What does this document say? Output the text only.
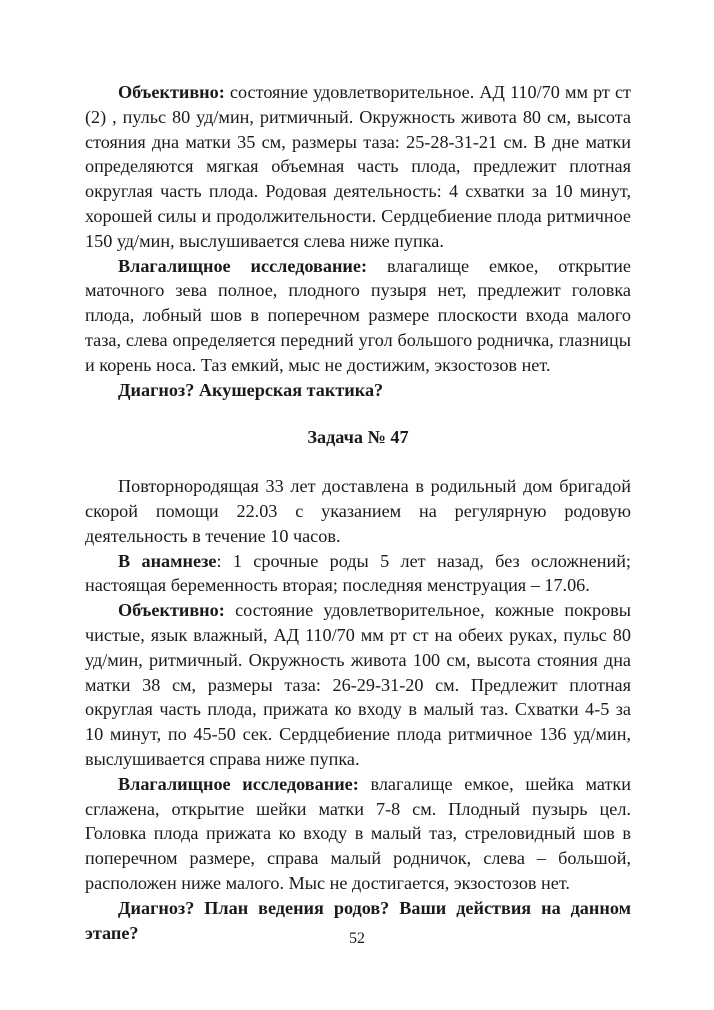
Объективно: состояние удовлетворительное. АД 110/70 мм рт ст (2) , пульс 80 уд/мин, ритмичный. Окружность живота 80 см, высота стояния дна матки 35 см, размеры таза: 25-28-31-21 см. В дне матки определяются мягкая объемная часть плода, предлежит плотная округлая часть плода. Родовая деятельность: 4 схватки за 10 минут, хорошей силы и продолжительности. Сердцебиение плода ритмичное 150 уд/мин, выслушивается слева ниже пупка.

Влагалищное исследование: влагалище емкое, открытие маточного зева полное, плодного пузыря нет, предлежит головка плода, лобный шов в поперечном размере плоскости входа малого таза, слева определяется передний угол большого родничка, глазницы и корень носа. Таз емкий, мыс не достижим, экзостозов нет.

Диагноз? Акушерская тактика?

Задача № 47

Повторнородящая 33 лет доставлена в родильный дом бригадой скорой помощи 22.03 с указанием на регулярную родовую деятельность в течение 10 часов.

В анамнезе: 1 срочные роды 5 лет назад, без осложнений; настоящая беременность вторая; последняя менструация – 17.06.

Объективно: состояние удовлетворительное, кожные покровы чистые, язык влажный, АД 110/70 мм рт ст на обеих руках, пульс 80 уд/мин, ритмичный. Окружность живота 100 см, высота стояния дна матки 38 см, размеры таза: 26-29-31-20 см. Предлежит плотная округлая часть плода, прижата ко входу в малый таз. Схватки 4-5 за 10 минут, по 45-50 сек. Сердцебиение плода ритмичное 136 уд/мин, выслушивается справа ниже пупка.

Влагалищное исследование: влагалище емкое, шейка матки сглажена, открытие шейки матки 7-8 см. Плодный пузырь цел. Головка плода прижата ко входу в малый таз, стреловидный шов в поперечном размере, справа малый родничок, слева – большой, расположен ниже малого. Мыс не достигается, экзостозов нет.

Диагноз? План ведения родов? Ваши действия на данном этапе?	52
